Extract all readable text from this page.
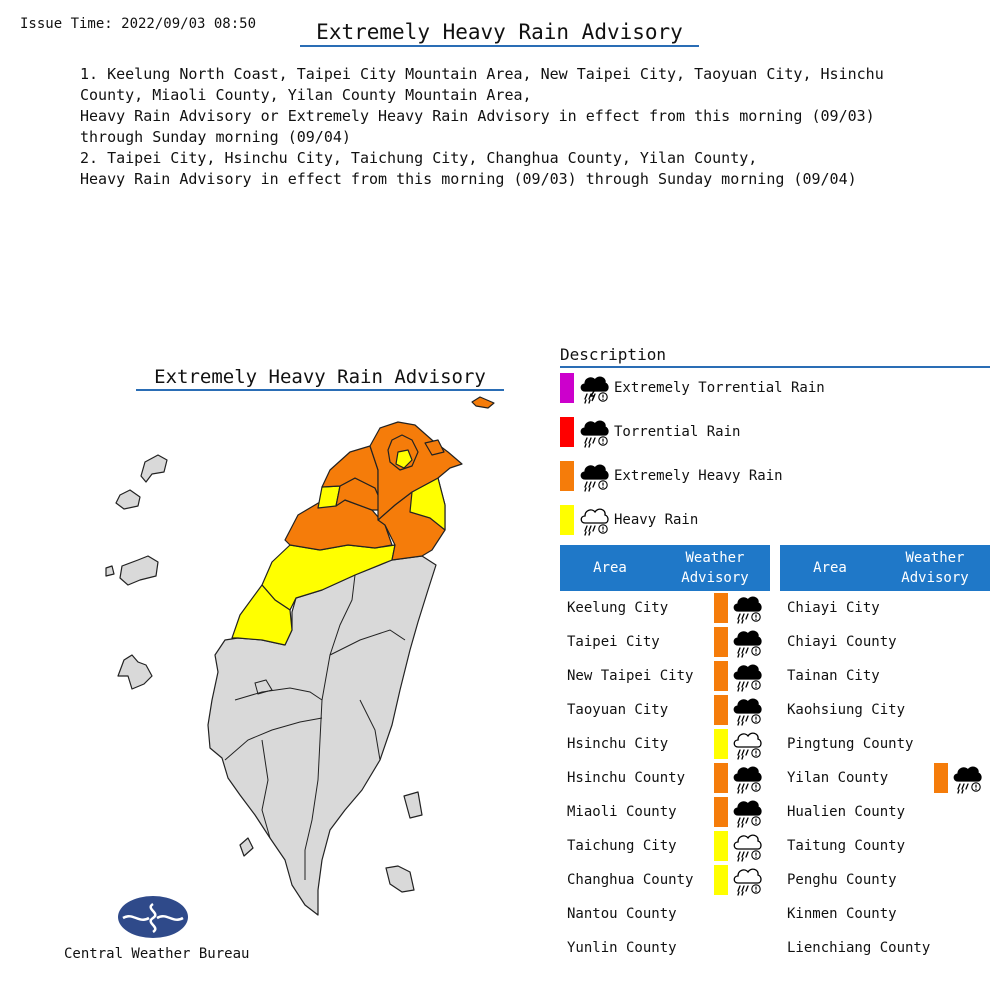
Issue Time: 2022/09/03 08:50	Extremely Heavy Rain Advisory
1. Keelung North Coast, Taipei City Mountain Area, New Taipei City, Taoyuan City, Hsinchu
County, Miaoli County, Yilan County Mountain Area,
Heavy Rain Advisory or Extremely Heavy Rain Advisory in effect from this morning (09/03)
through Sunday morning (09/04)
2. Taipei City, Hsinchu City, Taichung City, Changhua County, Yilan County,
Heavy Rain Advisory in effect from this morning (09/03) through Sunday morning (09/04)
Extremely Heavy Rain Advisory
Central Weather Bureau
Description
Extremely Torrential Rain
Torrential Rain
Extremely Heavy Rain
Heavy Rain
Area
Weather
Advisory
Keelung City
Taipei City
New Taipei City
Taoyuan City
Hsinchu City
Hsinchu County
Miaoli County
Taichung City
Changhua County
Nantou County
Yunlin County
Area
Weather
Advisory
Chiayi City
Chiayi County
Tainan City
Kaohsiung City
Pingtung County
Yilan County
Hualien County
Taitung County
Penghu County
Kinmen County
Lienchiang County
